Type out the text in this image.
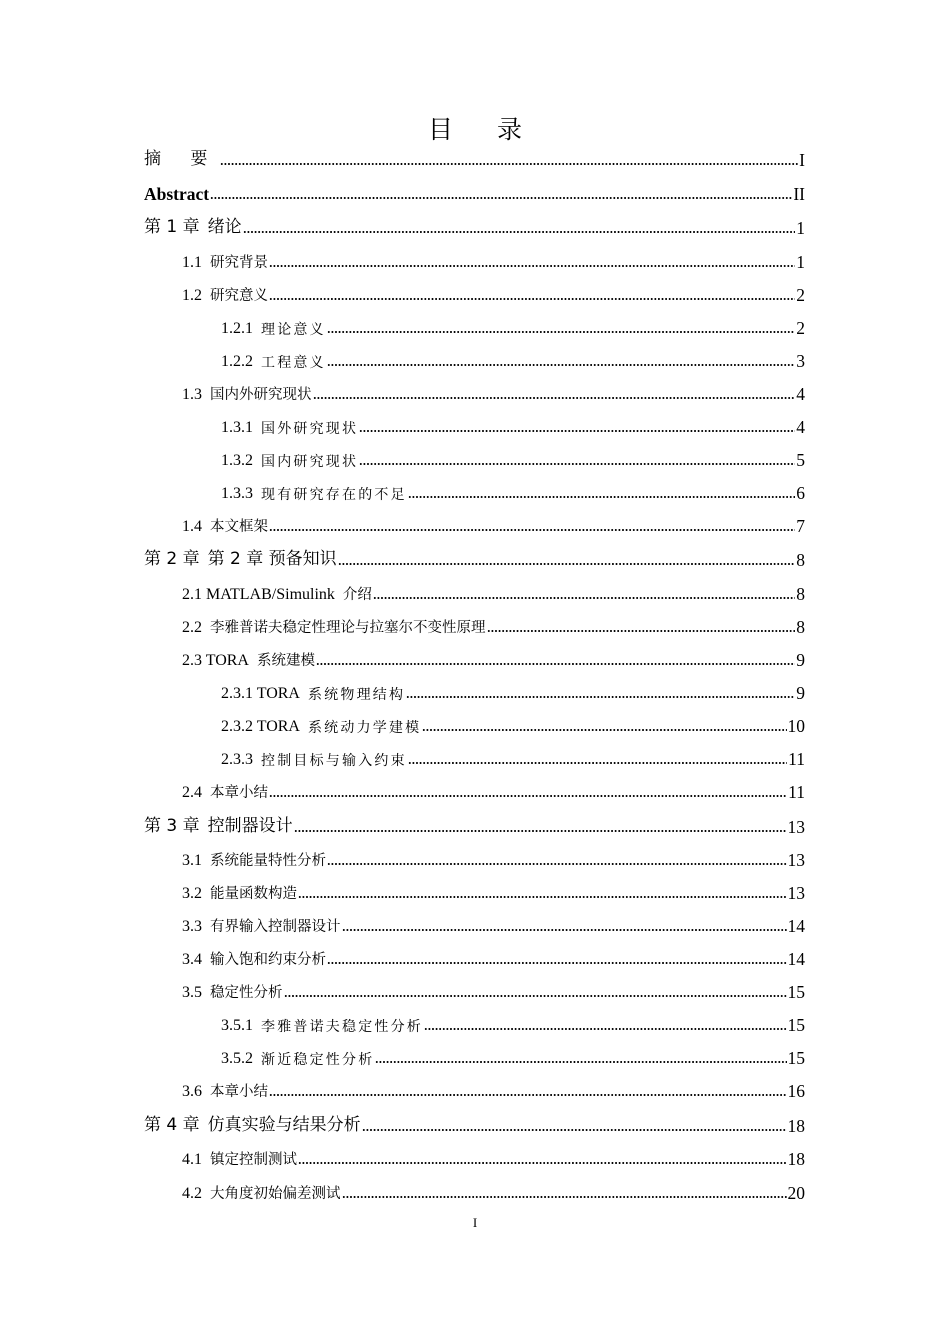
目 录
摘 要	I
Abstract	II
第 1 章 绪论	1
1.1 研究背景	1
1.2 研究意义	2
1.2.1 理论意义	2
1.2.2 工程意义	3
1.3 国内外研究现状	4
1.3.1 国外研究现状	4
1.3.2 国内研究现状	5
1.3.3 现有研究存在的不足	6
1.4 本文框架	7
第 2 章 第 2 章 预备知识	8
2.1 MATLAB/Simulink 介绍	8
2.2 李雅普诺夫稳定性理论与拉塞尔不变性原理	8
2.3 TORA 系统建模	9
2.3.1 TORA 系统物理结构	9
2.3.2 TORA 系统动力学建模	10
2.3.3 控制目标与输入约束	11
2.4 本章小结	11
第 3 章 控制器设计	13
3.1 系统能量特性分析	13
3.2 能量函数构造	13
3.3 有界输入控制器设计	14
3.4 输入饱和约束分析	14
3.5 稳定性分析	15
3.5.1 李雅普诺夫稳定性分析	15
3.5.2 渐近稳定性分析	15
3.6 本章小结	16
第 4 章 仿真实验与结果分析	18
4.1 镇定控制测试	18
4.2 大角度初始偏差测试	20
I
